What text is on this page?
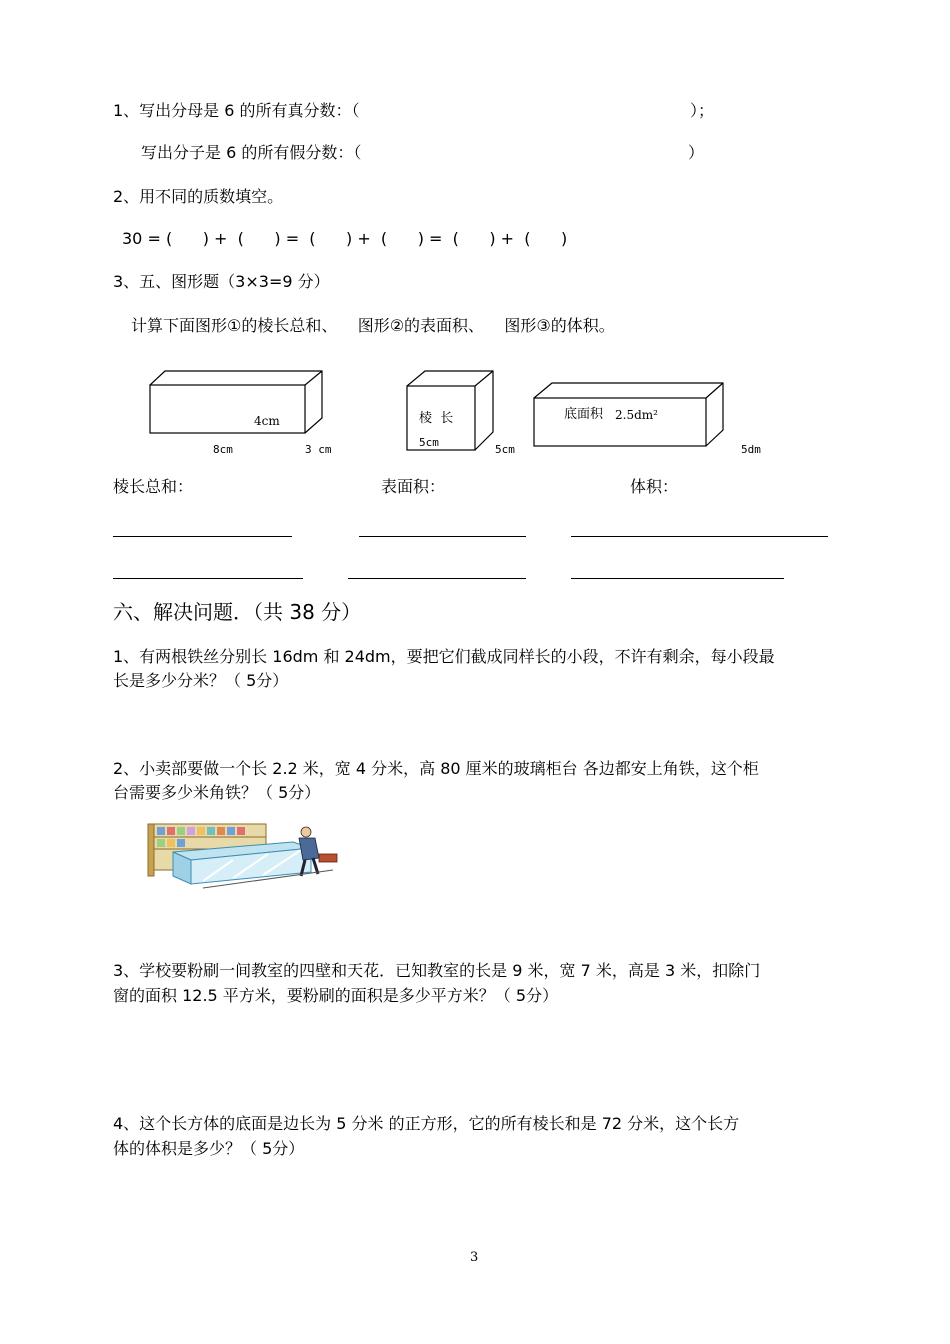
1、写出分母是 6 的所有真分数：（	）；
写出分子是 6 的所有假分数：（	）
2、用不同的质数填空。
30 = (      ) +  (      ) =  (      ) +  (      ) =  (      ) +  (      )
3、五、图形题（3×3=9 分）
计算下面图形①的棱长总和、    图形②的表面积、    图形③的体积。
4cm
8cm	3 cm
棱  长
5cm
5cm
底面积 2.5dm²
5dm
棱长总和：	表面积：	体积：
六、解决问题．（共 38 分）
1、有两根铁丝分别长 16dm 和 24dm，要把它们截成同样长的小段，不许有剩余，每小段最
长是多少分米？（ 5分）
2、小卖部要做一个长 2.2 米，宽 4 分米，高 80 厘米的玻璃柜台 各边都安上角铁，这个柜
台需要多少米角铁？（ 5分）
3、学校要粉刷一间教室的四壁和天花．已知教室的长是 9 米，宽 7 米，高是 3 米，扣除门
窗的面积 12.5 平方米，要粉刷的面积是多少平方米？（ 5分）
4、这个长方体的底面是边长为 5 分米 的正方形，它的所有棱长和是 72 分米，这个长方
体的体积是多少？（ 5分）
3
